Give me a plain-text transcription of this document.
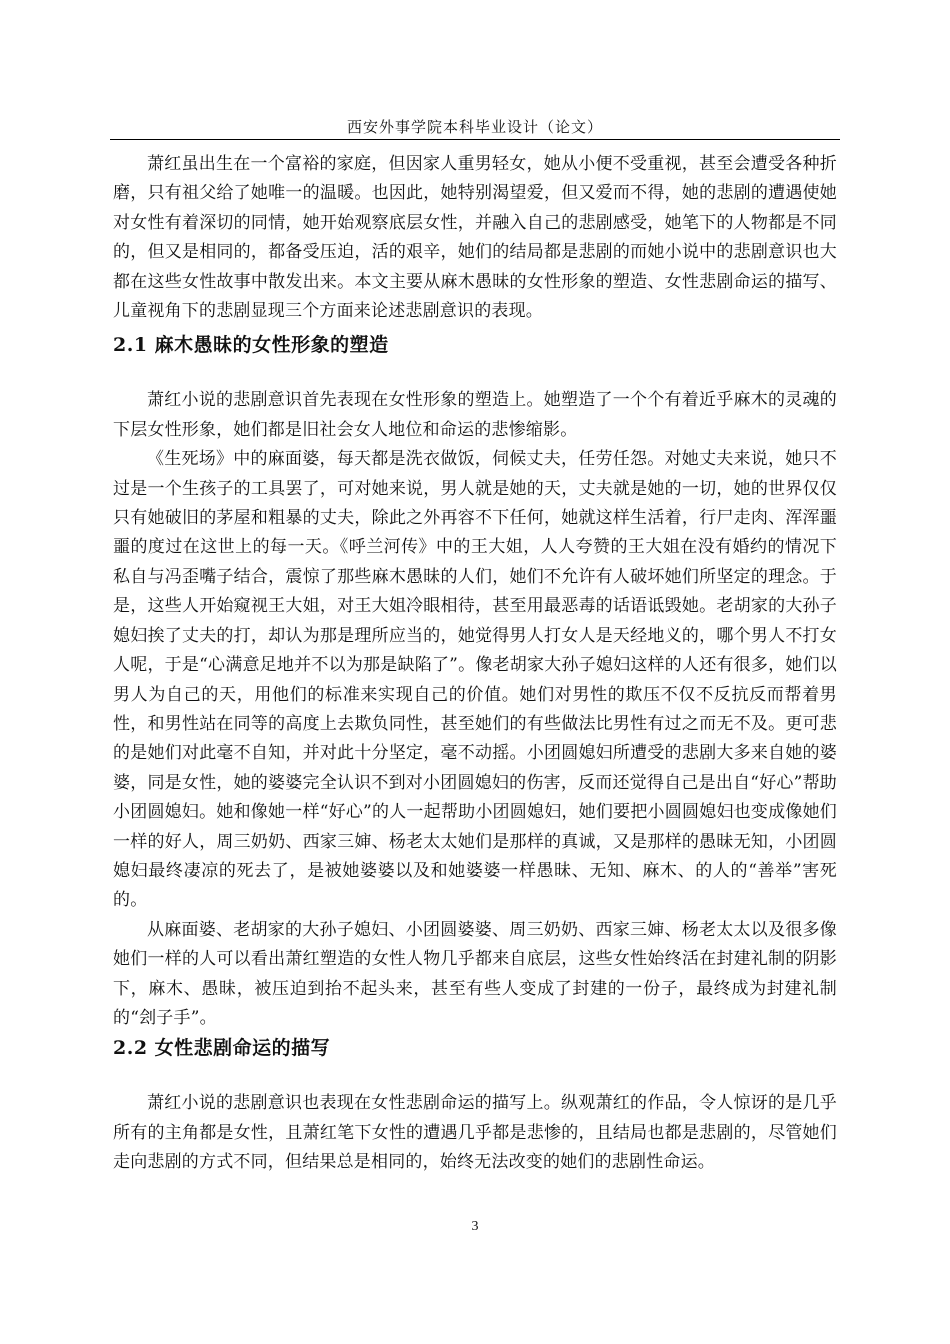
西安外事学院本科毕业设计（论文）

萧红虽出生在一个富裕的家庭，但因家人重男轻女，她从小便不受重视，甚至会遭受各种折磨，只有祖父给了她唯一的温暖。也因此，她特别渴望爱，但又爱而不得，她的悲剧的遭遇使她对女性有着深切的同情，她开始观察底层女性，并融入自己的悲剧感受，她笔下的人物都是不同的，但又是相同的，都备受压迫，活的艰辛，她们的结局都是悲剧的而她小说中的悲剧意识也大都在这些女性故事中散发出来。本文主要从麻木愚昧的女性形象的塑造、女性悲剧命运的描写、儿童视角下的悲剧显现三个方面来论述悲剧意识的表现。

2.1 麻木愚昧的女性形象的塑造

萧红小说的悲剧意识首先表现在女性形象的塑造上。她塑造了一个个有着近乎麻木的灵魂的下层女性形象，她们都是旧社会女人地位和命运的悲惨缩影。

《生死场》中的麻面婆，每天都是洗衣做饭，伺候丈夫，任劳任怨。对她丈夫来说，她只不过是一个生孩子的工具罢了，可对她来说，男人就是她的天，丈夫就是她的一切，她的世界仅仅只有她破旧的茅屋和粗暴的丈夫，除此之外再容不下任何，她就这样生活着，行尸走肉、浑浑噩噩的度过在这世上的每一天。《呼兰河传》中的王大姐，人人夸赞的王大姐在没有婚约的情况下私自与冯歪嘴子结合，震惊了那些麻木愚昧的人们，她们不允许有人破坏她们所坚定的理念。于是，这些人开始窥视王大姐，对王大姐冷眼相待，甚至用最恶毒的话语诋毁她。老胡家的大孙子媳妇挨了丈夫的打，却认为那是理所应当的，她觉得男人打女人是天经地义的，哪个男人不打女人呢，于是“心满意足地并不以为那是缺陷了”。像老胡家大孙子媳妇这样的人还有很多，她们以男人为自己的天，用他们的标准来实现自己的价值。她们对男性的欺压不仅不反抗反而帮着男性，和男性站在同等的高度上去欺负同性，甚至她们的有些做法比男性有过之而无不及。更可悲的是她们对此毫不自知，并对此十分坚定，毫不动摇。小团圆媳妇所遭受的悲剧大多来自她的婆婆，同是女性，她的婆婆完全认识不到对小团圆媳妇的伤害，反而还觉得自己是出自“好心”帮助小团圆媳妇。她和像她一样“好心”的人一起帮助小团圆媳妇，她们要把小圆圆媳妇也变成像她们一样的好人，周三奶奶、西家三婶、杨老太太她们是那样的真诚，又是那样的愚昧无知，小团圆媳妇最终凄凉的死去了，是被她婆婆以及和她婆婆一样愚昧、无知、麻木、的人的“善举”害死的。

从麻面婆、老胡家的大孙子媳妇、小团圆婆婆、周三奶奶、西家三婶、杨老太太以及很多像她们一样的人可以看出萧红塑造的女性人物几乎都来自底层，这些女性始终活在封建礼制的阴影下，麻木、愚昧，被压迫到抬不起头来，甚至有些人变成了封建的一份子，最终成为封建礼制的“刽子手”。

2.2 女性悲剧命运的描写

萧红小说的悲剧意识也表现在女性悲剧命运的描写上。纵观萧红的作品，令人惊讶的是几乎所有的主角都是女性，且萧红笔下女性的遭遇几乎都是悲惨的，且结局也都是悲剧的，尽管她们走向悲剧的方式不同，但结果总是相同的，始终无法改变的她们的悲剧性命运。

3
